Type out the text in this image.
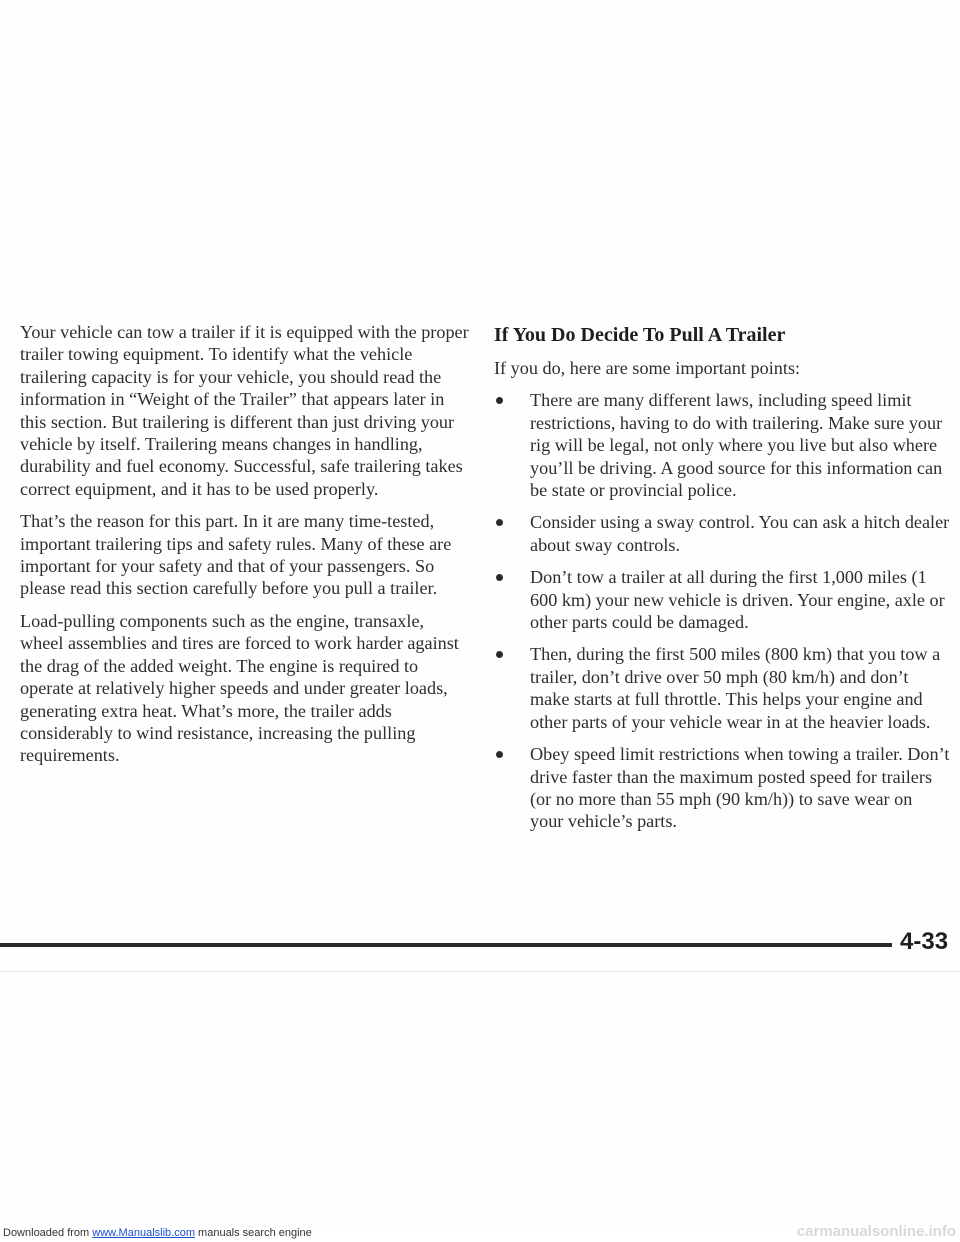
Your vehicle can tow a trailer if it is equipped with the proper trailer towing equipment. To identify what the vehicle trailering capacity is for your vehicle, you should read the information in “Weight of the Trailer” that appears later in this section. But trailering is different than just driving your vehicle by itself. Trailering means changes in handling, durability and fuel economy. Successful, safe trailering takes correct equipment, and it has to be used properly.

That’s the reason for this part. In it are many time-tested, important trailering tips and safety rules. Many of these are important for your safety and that of your passengers. So please read this section carefully before you pull a trailer.

Load-pulling components such as the engine, transaxle, wheel assemblies and tires are forced to work harder against the drag of the added weight. The engine is required to operate at relatively higher speeds and under greater loads, generating extra heat. What’s more, the trailer adds considerably to wind resistance, increasing the pulling requirements.

If You Do Decide To Pull A Trailer

If you do, here are some important points:

There are many different laws, including speed limit restrictions, having to do with trailering. Make sure your rig will be legal, not only where you live but also where you’ll be driving. A good source for this information can be state or provincial police.
Consider using a sway control. You can ask a hitch dealer about sway controls.
Don’t tow a trailer at all during the first 1,000 miles (1 600 km) your new vehicle is driven. Your engine, axle or other parts could be damaged.
Then, during the first 500 miles (800 km) that you tow a trailer, don’t drive over 50 mph (80 km/h) and don’t make starts at full throttle. This helps your engine and other parts of your vehicle wear in at the heavier loads.
Obey speed limit restrictions when towing a trailer. Don’t drive faster than the maximum posted speed for trailers (or no more than 55 mph (90 km/h)) to save wear on your vehicle’s parts.
4-33
Downloaded from www.Manualslib.com manuals search engine	carmanualsonline.info
